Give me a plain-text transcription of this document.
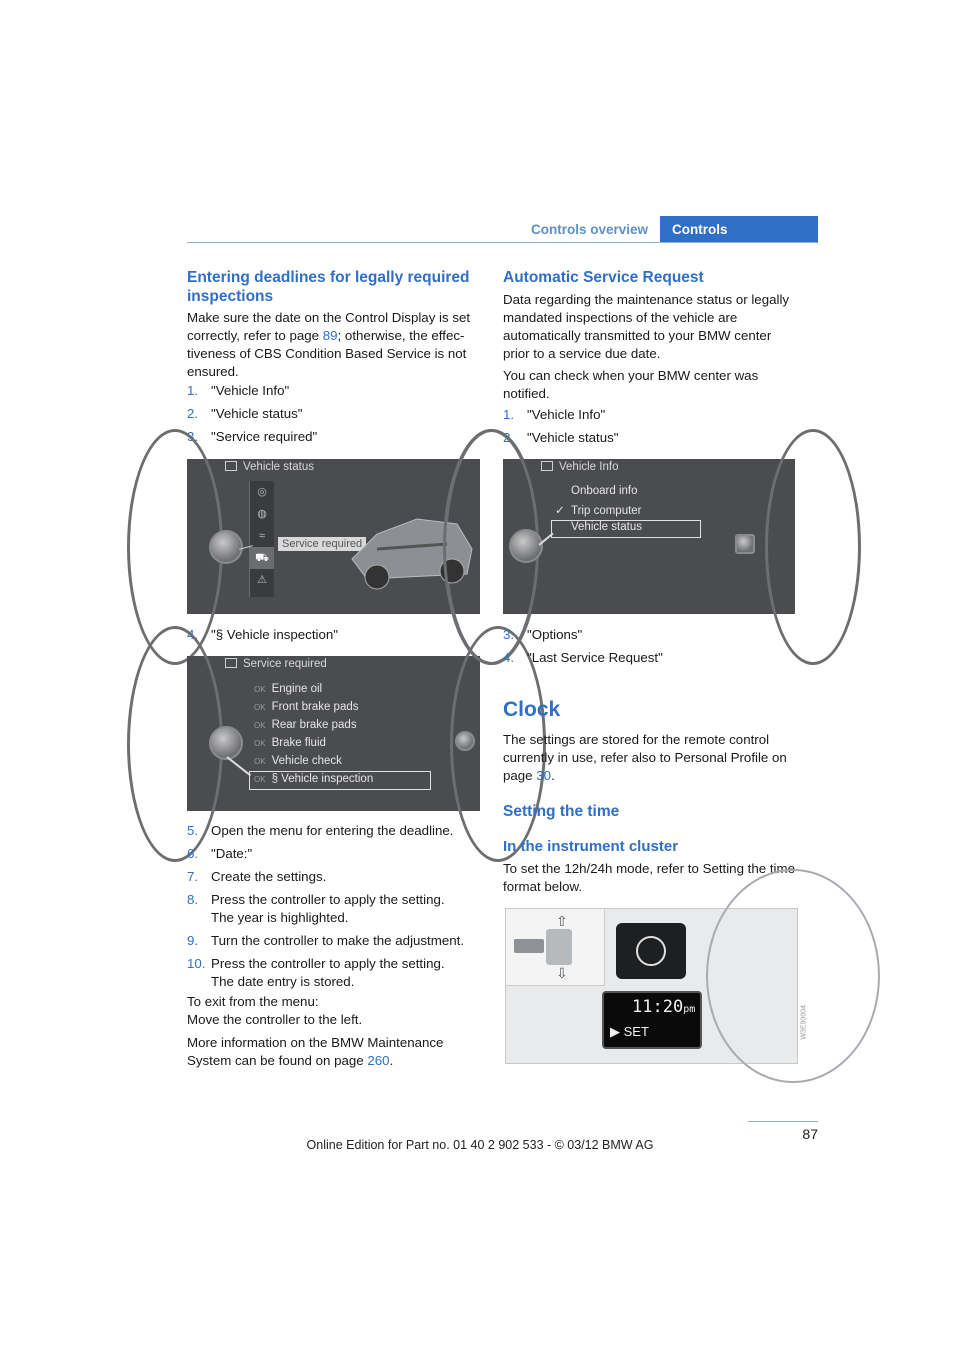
Controls overview	Controls
Entering deadlines for legally required inspections
Make sure the date on the Control Display is set correctly, refer to page 89; otherwise, the effec-tiveness of CBS Condition Based Service is not ensured.
1. "Vehicle Info"
2. "Vehicle status"
3. "Service required"
Vehicle status
◎
◍
≈
⛟
⚠
Service required
4. "§ Vehicle inspection"
Service required
OK Engine oil
OK Front brake pads
OK Rear brake pads
OK Brake fluid
OK Vehicle check
OK § Vehicle inspection
5. Open the menu for entering the deadline.
6. "Date:"
7. Create the settings.
8. Press the controller to apply the setting.
The year is highlighted.
9. Turn the controller to make the adjustment.
10. Press the controller to apply the setting.
The date entry is stored.
To exit from the menu:
Move the controller to the left.
More information on the BMW Maintenance System can be found on page 260.
Automatic Service Request
Data regarding the maintenance status or legally mandated inspections of the vehicle are automatically transmitted to your BMW center prior to a service due date.
You can check when your BMW center was notified.
1. "Vehicle Info"
2. "Vehicle status"
Vehicle Info
Onboard info
✓ Trip computer
Vehicle status
3. "Options"
4. "Last Service Request"
Clock
The settings are stored for the remote control currently in use, refer also to Personal Profile on page 30.
Setting the time
In the instrument cluster
To set the 12h/24h mode, refer to Setting the time format below.
⇧
⇩
11:20pm
▶ SET	W3E90004
87
Online Edition for Part no. 01 40 2 902 533 - © 03/12 BMW AG
